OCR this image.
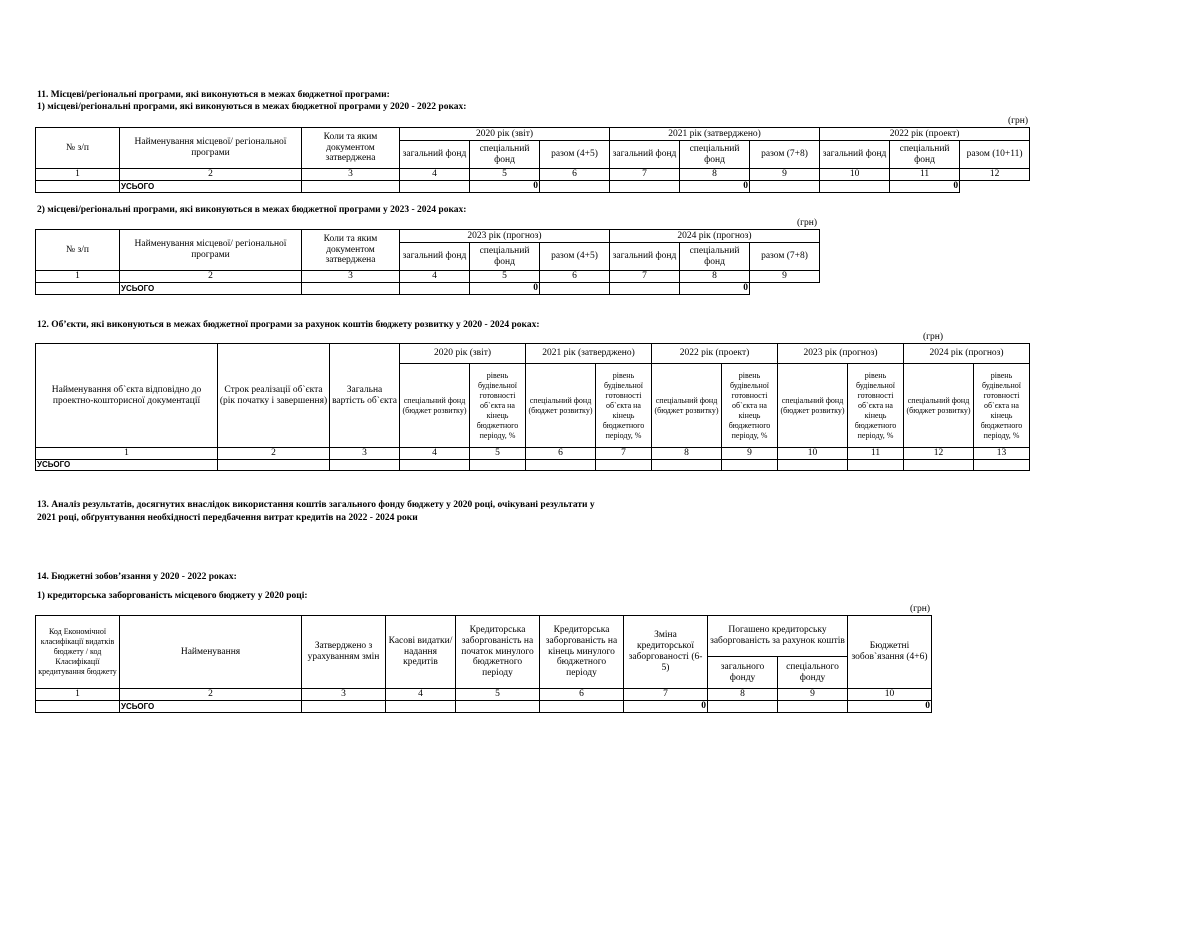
11. Місцеві/регіональні програми, які виконуються в межах бюджетної програми:
1) місцеві/регіональні програми, які виконуються в межах бюджетної програми у 2020 - 2022 роках:
(грн)
№ з/п	Найменування місцевої/ регіональної програми	Коли та яким документом затверджена	2020 рік (звіт)			2021 рік (затверджено)			2022 рік (проект)		
			загальний фонд	спеціальний фонд	разом (4+5)	загальний фонд	спеціальний фонд	разом (7+8)	загальний фонд	спеціальний фонд	разом (10+11)
1	2	3	4	5	6	7	8	9	10	11	12
	УСЬОГО			0			0			0	
2) місцеві/регіональні програми, які виконуються в межах бюджетної програми у 2023 - 2024 роках:
(грн)
№ з/п	Найменування місцевої/ регіональної програми	Коли та яким документом затверджена	2023 рік (прогноз)			2024 рік (прогноз)		
			загальний фонд	спеціальний фонд	разом (4+5)	загальний фонд	спеціальний фонд	разом (7+8)
1	2	3	4	5	6	7	8	9
	УСЬОГО			0			0	
12. Об’єкти, які виконуються в межах бюджетної програми за рахунок коштів бюджету розвитку у 2020 - 2024 роках:
(грн)
Найменування об`єкта відповідно до проектно-кошторисної документації	Строк реалізації об`єкта (рік початку і завершення)	Загальна вартість об`єкта	2020 рік (звіт)		2021 рік (затверджено)		2022 рік (проект)		2023 рік (прогноз)		2024 рік (прогноз)	
			спеціальний фонд (бюджет розвитку)	рівень будівельної готовності об`єкта на кінець бюджетного періоду, %	спеціальний фонд (бюджет розвитку)	рівень будівельної готовності об`єкта на кінець бюджетного періоду, %	спеціальний фонд (бюджет розвитку)	рівень будівельної готовності об`єкта на кінець бюджетного періоду, %	спеціальний фонд (бюджет розвитку)	рівень будівельної готовності об`єкта на кінець бюджетного періоду, %	спеціальний фонд (бюджет розвитку)	рівень будівельної готовності об`єкта на кінець бюджетного періоду, %
1	2	3	4	5	6	7	8	9	10	11	12	13
УСЬОГО												
13. Аналіз результатів, досягнутих внаслідок використання коштів загального фонду бюджету у 2020 році, очікувані результати у
2021 році, обґрунтування необхідності передбачення витрат кредитів на 2022 - 2024 роки
14. Бюджетні зобов’язання у 2020 - 2022 роках:
1) кредиторська заборгованість місцевого бюджету у 2020 році:
(грн)
Код Економічної класифікації видатків бюджету / код Класифікації кредитування бюджету	Найменування	Затверджено з урахуванням змін	Касові видатки/ надання кредитів	Кредиторська заборгованість на початок минулого бюджетного періоду	Кредиторська заборгованість на кінець минулого бюджетного періоду	Зміна кредиторської заборгованості (6-5)	Погашено кредиторську заборгованість за рахунок коштів		Бюджетні зобов`язання (4+6)
							загального фонду	спеціального фонду	
1	2	3	4	5	6	7	8	9	10
	УСЬОГО					0			0
